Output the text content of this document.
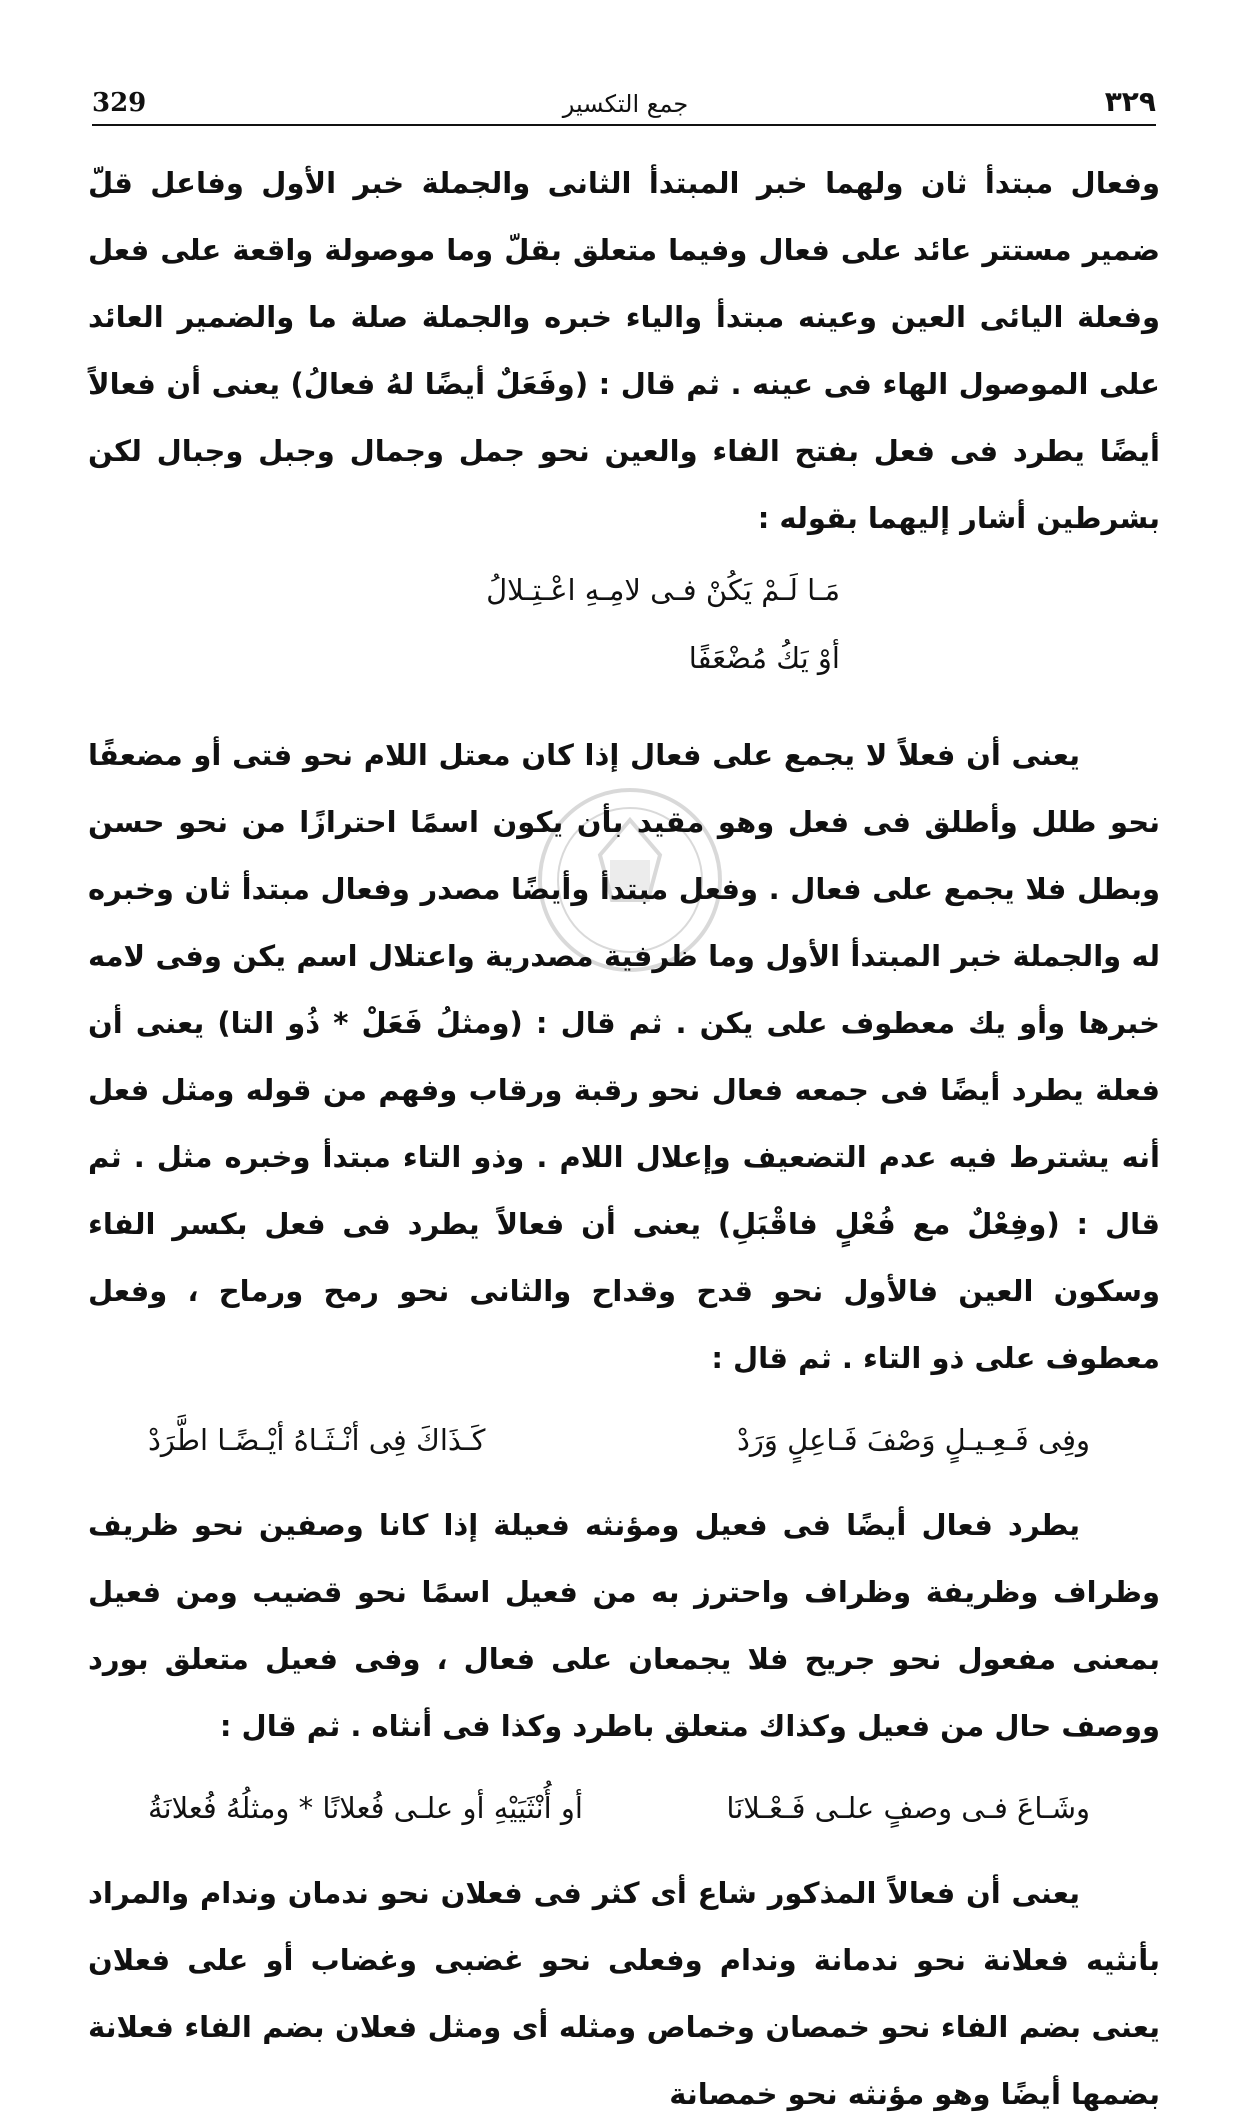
329	جمع التكسير	٣٢٩

وفعال مبتدأ ثان ولهما خبر المبتدأ الثانى والجملة خبر الأول وفاعل قلّ ضمير مستتر عائد على فعال وفيما متعلق بقلّ وما موصولة واقعة على فعل وفعلة اليائى العين وعينه مبتدأ والياء خبره والجملة صلة ما والضمير العائد على الموصول الهاء فى عينه . ثم قال : (وفَعَلٌ أيضًا لهُ فعالُ) يعنى أن فعالاً أيضًا يطرد فى فعل بفتح الفاء والعين نحو جمل وجمال وجبل وجبال لكن بشرطين أشار إليهما بقوله :

مَـا لَـمْ يَكُنْ فـى لامِـهِ اعْـتِـلالُ
أوْ يَكُ مُضْعَفًا

يعنى أن فعلاً لا يجمع على فعال إذا كان معتل اللام نحو فتى أو مضعفًا نحو طلل وأطلق فى فعل وهو مقيد بأن يكون اسمًا احترازًا من نحو حسن وبطل فلا يجمع على فعال . وفعل مبتدأ وأيضًا مصدر وفعال مبتدأ ثان وخبره له والجملة خبر المبتدأ الأول وما ظرفية مصدرية واعتلال اسم يكن وفى لامه خبرها وأو يك معطوف على يكن . ثم قال : (ومثلُ فَعَلْ * ذُو التا) يعنى أن فعلة يطرد أيضًا فى جمعه فعال نحو رقبة ورقاب وفهم من قوله ومثل فعل أنه يشترط فيه عدم التضعيف وإعلال اللام . وذو التاء مبتدأ وخبره مثل . ثم قال : (وفِعْلٌ مع فُعْلٍ فاقْبَلِ) يعنى أن فعالاً يطرد فى فعل بكسر الفاء وسكون العين فالأول نحو قدح وقداح والثانى نحو رمح ورماح ، وفعل معطوف على ذو التاء . ثم قال :

وفِى فَـعِـيـلٍ وَصْفَ فَـاعِلٍ وَرَدْ
كَـذَاكَ فِى أنْـثَـاهُ أيْـضًـا اطَّرَدْ

يطرد فعال أيضًا فى فعيل ومؤنثه فعيلة إذا كانا وصفين نحو ظريف وظراف وظريفة وظراف واحترز به من فعيل اسمًا نحو قضيب ومن فعيل بمعنى مفعول نحو جريح فلا يجمعان على فعال ، وفى فعيل متعلق بورد ووصف حال من فعيل وكذاك متعلق باطرد وكذا فى أنثاه . ثم قال :

وشَـاعَ فـى وصفٍ علـى فَـعْـلانَا
أو أُنْثَيَيْهِ أو علـى فُعلانًا * ومثلُهُ فُعلانَةُ

يعنى أن فعالاً المذكور شاع أى كثر فى فعلان نحو ندمان وندام والمراد بأنثيه فعلانة نحو ندمانة وندام وفعلى نحو غضبى وغضاب أو على فعلان يعنى بضم الفاء نحو خمصان وخماص ومثله أى ومثل فعلان بضم الفاء فعلانة بضمها أيضًا وهو مؤنثه نحو خمصانة
